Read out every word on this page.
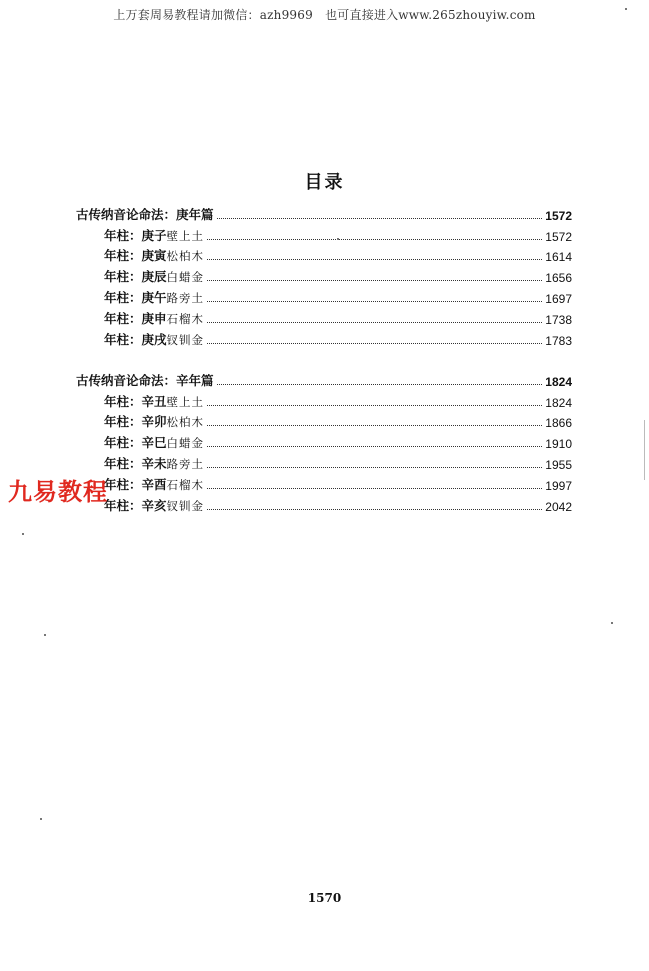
上万套周易教程请加微信：azh9969　也可直接进入www.265zhouyiw.com
目录
古传纳音论命法：庚年篇	1572
年柱：庚子壁上土	1572
年柱：庚寅松柏木	1614
年柱：庚辰白蜡金	1656
年柱：庚午路旁土	1697
年柱：庚申石榴木	1738
年柱：庚戌钗钏金	1783
古传纳音论命法：辛年篇	1824
年柱：辛丑壁上土	1824
年柱：辛卯松柏木	1866
年柱：辛巳白蜡金	1910
年柱：辛未路旁土	1955
年柱：辛酉石榴木	1997
年柱：辛亥钗钏金	2042
九易教程
1570
